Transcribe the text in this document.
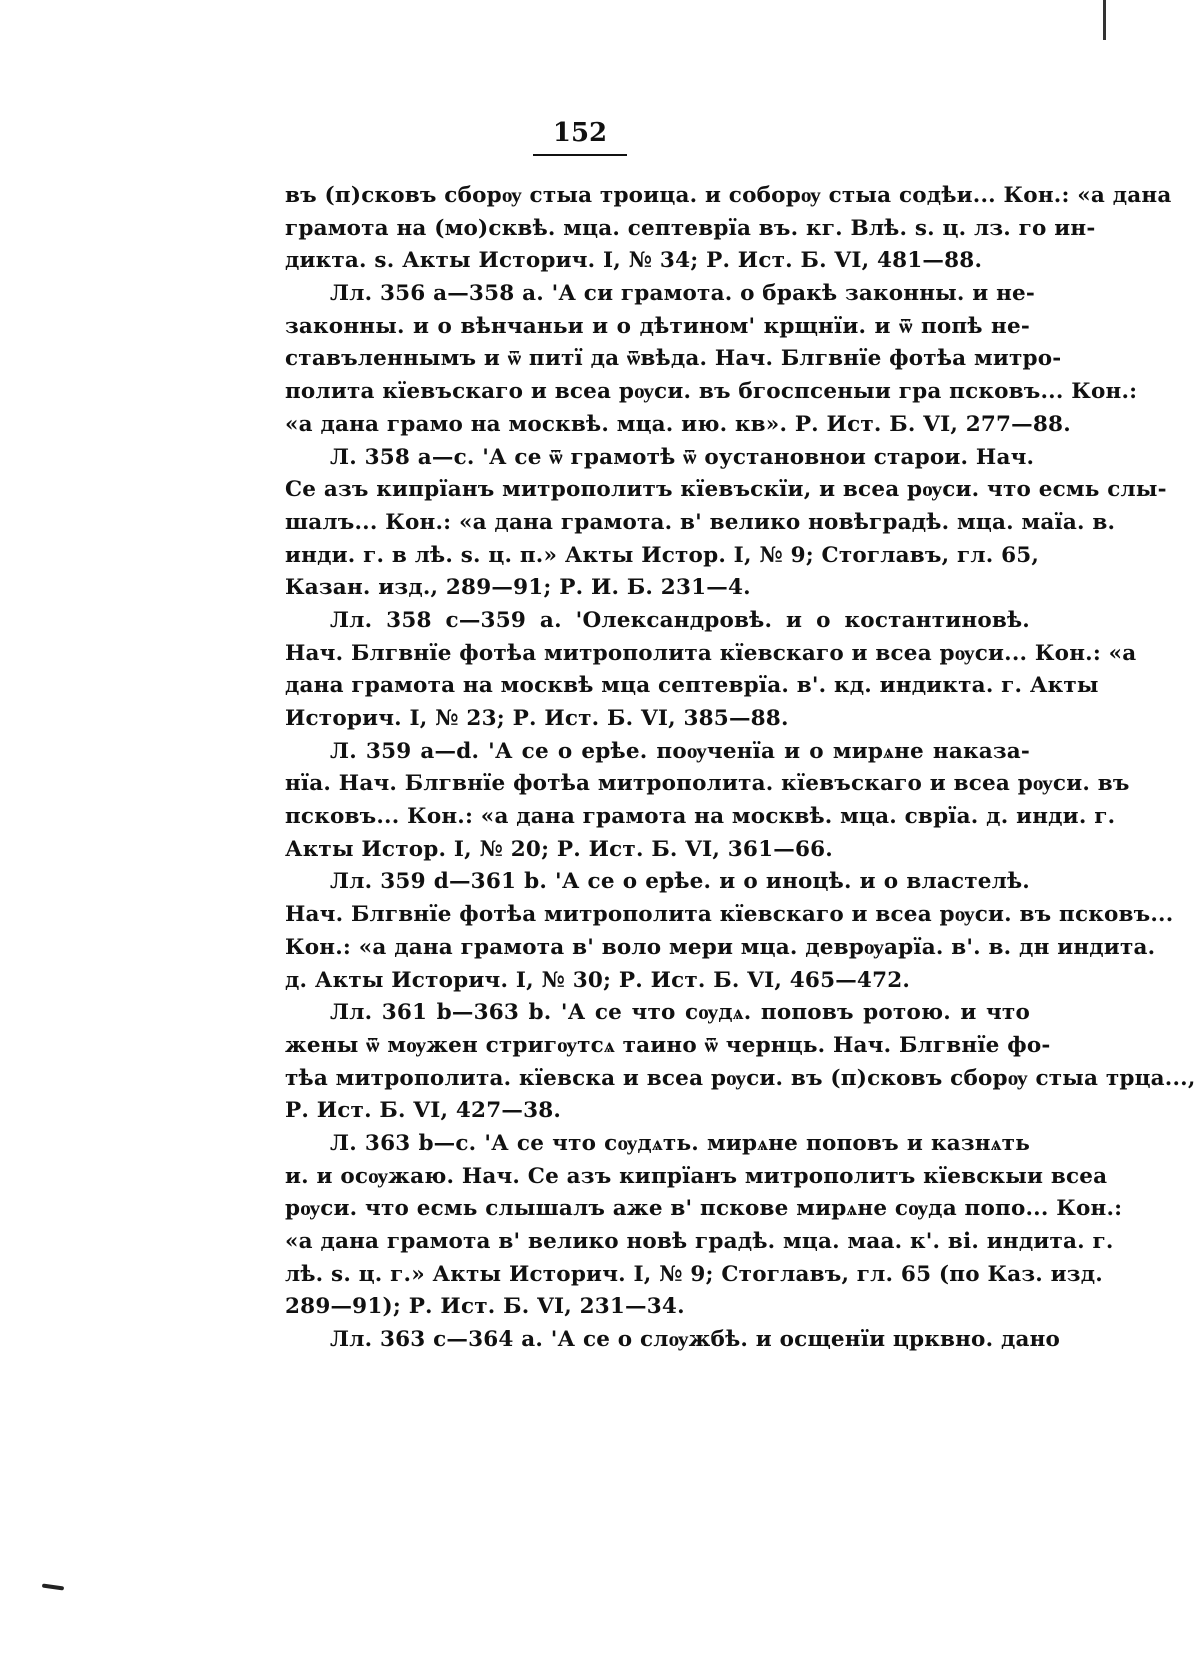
152
въ (п)сковъ сборѹ стыа троица. и соборѹ стыа содѣи... Кон.: «а дана
грамота на (мо)сквѣ. мца. септеврїа въ. кг. Влѣ. ѕ. ц. лз. го ин-
дикта. ѕ. Акты Историч. I, № 34; Р. Ист. Б. VI, 481—88.
Лл. 356 a—358 a. 'А си грамота. о бракѣ законны. и не-
законны. и о вѣнчаньи и о дѣтином' крщнїи. и ѿ попѣ не-
ставъленнымъ и ѿ питї да ѿвѣда. Нач. Блгвнїе фотѣа митро-
полита кїевъскаго и всеа рѹси. въ бгоспсеныи гра псковъ... Кон.:
«а дана грамо на москвѣ. мца. ию. кв». Р. Ист. Б. VI, 277—88.
Л. 358 a—c. 'А се ѿ грамотѣ ѿ оустановнои старои. Нач.
Се азъ кипрїанъ митрополитъ кїевъскїи, и всеа рѹси. что есмь слы-
шалъ... Кон.: «а дана грамота. в' велико новѣградѣ. мца. маїа. в.
инди. г. в лѣ. ѕ. ц. п.» Акты Истор. I, № 9; Стоглавъ, гл. 65,
Казан. изд., 289—91; Р. И. Б. 231—4.
Лл. 358 c—359 a. 'Олександровѣ. и о костантиновѣ.
Нач. Блгвнїе фотѣа митрополита кїевскаго и всеа рѹси... Кон.: «а
дана грамота на москвѣ мца септеврїа. в'. кд. индикта. г. Акты
Историч. I, № 23; Р. Ист. Б. VI, 385—88.
Л. 359 a—d. 'А се о ерѣе. поѹченїа и о мирѧне наказа-
нїа. Нач. Блгвнїе фотѣа митрополита. кїевъскаго и всеа рѹси. въ
псковъ... Кон.: «а дана грамота на москвѣ. мца. сврїа. д. инди. г.
Акты Истор. I, № 20; Р. Ист. Б. VI, 361—66.
Лл. 359 d—361 b. 'А се о ерѣе. и о иноцѣ. и о властелѣ.
Нач. Блгвнїе фотѣа митрополита кїевскаго и всеа рѹси. въ псковъ...
Кон.: «а дана грамота в' воло мери мца. деврѹарїа. в'. в. дн индита.
д. Акты Историч. I, № 30; Р. Ист. Б. VI, 465—472.
Лл. 361 b—363 b. 'А се что сѹдѧ. поповъ ротою. и что
жены ѿ мѹжен стригѹтсѧ таино ѿ чернць. Нач. Блгвнїе фо-
тѣа митрополита. кїевска и всеа рѹси. въ (п)сковъ сборѹ стыа трца...,
Р. Ист. Б. VI, 427—38.
Л. 363 b—c. 'А се что сѹдѧть. мирѧне поповъ и казнѧть
и. и осѹжаю. Нач. Се азъ кипрїанъ митрополитъ кїевскыи всеа
рѹси. что есмь слышалъ аже в' пскове мирѧне сѹда попо... Кон.:
«а дана грамота в' велико новѣ градѣ. мца. маа. к'. ві. индита. г.
лѣ. ѕ. ц. г.» Акты Историч. I, № 9; Стоглавъ, гл. 65 (по Каз. изд.
289—91); Р. Ист. Б. VI, 231—34.
Лл. 363 c—364 a. 'А се о слѹжбѣ. и осщенїи црквно. дано
